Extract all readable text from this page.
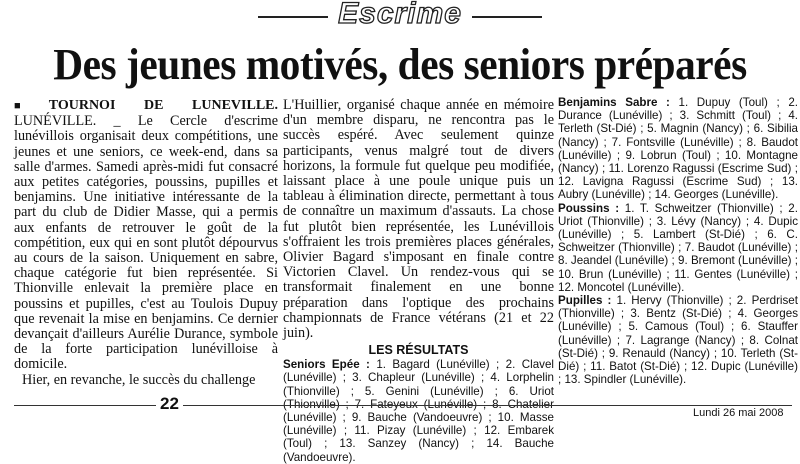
Escrime
Des jeunes motivés, des seniors préparés

■ TOURNOI DE LUNEVILLE. LUNÉVILLE. _ Le Cercle d'escrime lunévillois organisait deux compétitions, une jeunes et une seniors, ce week-end, dans sa salle d'armes. Samedi après-midi fut consacré aux petites catégories, poussins, pupilles et benjamins. Une initiative intéressante de la part du club de Didier Masse, qui a permis aux enfants de retrouver le goût de la compétition, eux qui en sont plutôt dépourvus au cours de la saison. Uniquement en sabre, chaque catégorie fut bien représentée. Si Thionville enlevait la première place en poussins et pupilles, c'est au Toulois Dupuy que revenait la mise en benjamins. Ce dernier devançait d'ailleurs Aurélie Durance, symbole de la forte participation lunévilloise à domicile.

Hier, en revanche, le succès du challenge

L'Huillier, organisé chaque année en mémoire d'un membre disparu, ne rencontra pas le succès espéré. Avec seulement quinze participants, venus malgré tout de divers horizons, la formule fut quelque peu modifiée, laissant place à une poule unique puis un tableau à élimination directe, permettant à tous de connaître un maximum d'assauts. La chose fut plutôt bien représentée, les Lunévillois s'offraient les trois premières places générales, Olivier Bagard s'imposant en finale contre Victorien Clavel. Un rendez-vous qui se transformait finalement en une bonne préparation dans l'optique des prochains championnats de France vétérans (21 et 22 juin).

LES RÉSULTATS

Seniors Epée : 1. Bagard (Lunéville) ; 2. Clavel (Lunéville) ; 3. Chapleur (Lunéville) ; 4. Lorphelin (Thionville) ; 5. Genini (Lunéville) ; 6. Uriot (Lunéville) ; 9. Bauche (Vandoeuvre) ; 10. Masse (Lunéville) ; 11. Pizay (Lunéville) ; 12. Embarek (Toul) ; 13. Sanzey (Nancy) ; 14. Bauche (Vandoeuvre).

Benjamins Sabre : 1. Dupuy (Toul) ; 2. Durance (Lunéville) ; 3. Schmitt (Toul) ; 4. Terleth (St-Dié) ; 5. Magnin (Nancy) ; 6. Sibilia (Nancy) ; 7. Fontsville (Lunéville) ; 8. Baudot (Lunéville) ; 9. Lobrun (Toul) ; 10. Montagne (Nancy) ; 11. Lorenzo Ragussi (Escrime Sud) ; 12. Lavigna Ragussi (Escrime Sud) ; 13. Aubry (Lunéville) ; 14. Georges (Lunéville).

Poussins : 1. T. Schweitzer (Thionville) ; 2. Uriot (Thionville) ; 3. Lévy (Nancy) ; 4. Dupic (Lunéville) ; 5. Lambert (St-Dié) ; 6. C. Schweitzer (Thionville) ; 7. Baudot (Lunéville) ; 8. Jeandel (Lunéville) ; 9. Bremont (Lunéville) ; 10. Brun (Lunéville) ; 11. Gentes (Lunéville) ; 12. Moncotel (Lunéville).

Pupilles : 1. Hervy (Thionville) ; 2. Perdriset (Thionville) ; 3. Bentz (St-Dié) ; 4. Georges (Lunéville) ; 5. Camous (Toul) ; 6. Stauffer (Lunéville) ; 7. Lagrange (Nancy) ; 8. Colnat (St-Dié) ; 9. Renauld (Nancy) ; 10. Terleth (St-Dié) ; 11. Batot (St-Dié) ; 12. Dupic (Lunéville) ; 13. Spindler (Lunéville).

22	Lundi 26 mai 2008
